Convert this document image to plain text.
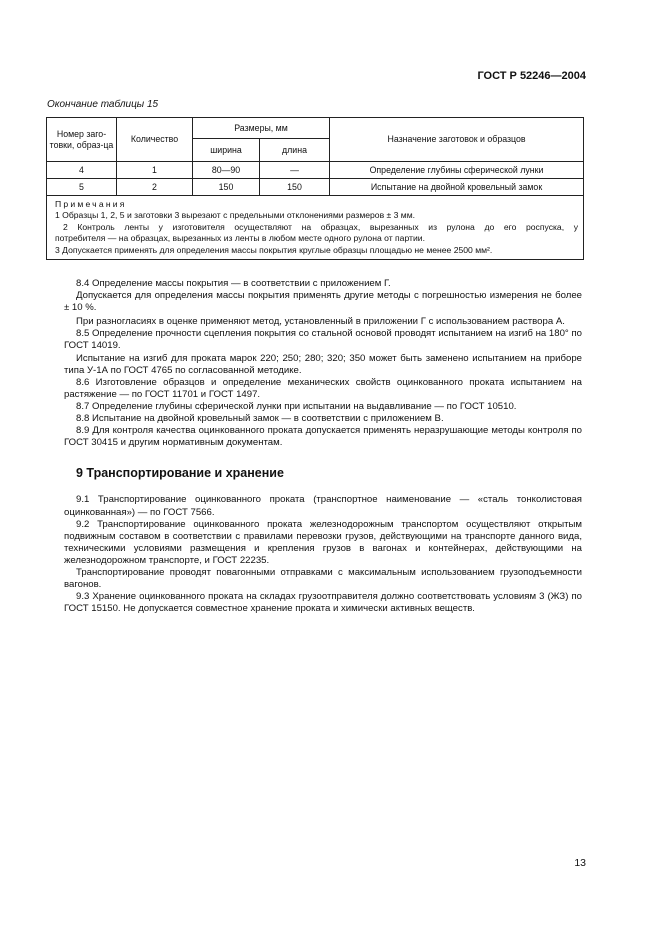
ГОСТ Р 52246—2004
Окончание таблицы 15
Номер заго-товки, образ-ца	Количество	Размеры, мм		Назначение заготовок и образцов
		ширина	длина	
4	1	80—90	—	Определение глубины сферической лунки
5	2	150	150	Испытание на двойной кровельный замок

Примечания
1 Образцы 1, 2, 5 и заготовки 3 вырезают с предельными отклонениями размеров ± 3 мм.
2 Контроль ленты у изготовителя осуществляют на образцах, вырезанных из рулона до его роспуска, у
потребителя — на образцах, вырезанных из ленты в любом месте одного рулона от партии.
3 Допускается применять для определения массы покрытия круглые образцы площадью не менее 2500 мм².				

8.4 Определение массы покрытия — в соответствии с приложением Г.

Допускается для определения массы покрытия применять другие методы с погрешностью измерения не более ± 10 %.

При разногласиях в оценке применяют метод, установленный в приложении Г с использованием раствора А.

8.5 Определение прочности сцепления покрытия со стальной основой проводят испытанием на изгиб на 180° по ГОСТ 14019.

Испытание на изгиб для проката марок 220; 250; 280; 320; 350 может быть заменено испытанием на приборе типа У-1А по ГОСТ 4765 по согласованной методике.

8.6 Изготовление образцов и определение механических свойств оцинкованного проката испытанием на растяжение — по ГОСТ 11701 и ГОСТ 1497.

8.7 Определение глубины сферической лунки при испытании на выдавливание — по ГОСТ 10510.

8.8 Испытание на двойной кровельный замок — в соответствии с приложением В.

8.9 Для контроля качества оцинкованного проката допускается применять неразрушающие методы контроля по ГОСТ 30415 и другим нормативным документам.

9 Транспортирование и хранение

9.1 Транспортирование оцинкованного проката (транспортное наименование — «сталь тонколистовая оцинкованная») — по ГОСТ 7566.

9.2 Транспортирование оцинкованного проката железнодорожным транспортом осуществляют открытым подвижным составом в соответствии с правилами перевозки грузов, действующими на транспорте данного вида, техническими условиями размещения и крепления грузов в вагонах и контейнерах, действующими на железнодорожном транспорте, и ГОСТ 22235.

Транспортирование проводят повагонными отправками с максимальным использованием грузоподъемности вагонов.

9.3 Хранение оцинкованного проката на складах грузоотправителя должно соответствовать условиям 3 (ЖЗ) по ГОСТ 15150. Не допускается совместное хранение проката и химически активных веществ.

13
